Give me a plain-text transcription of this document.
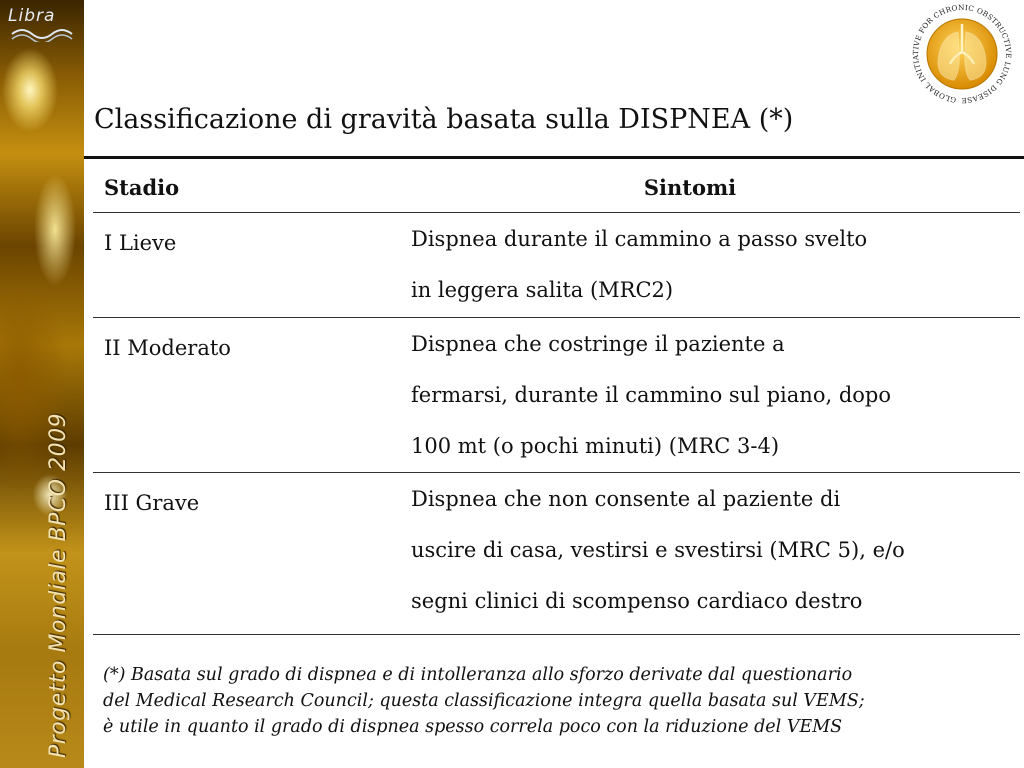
Libra
Progetto Mondiale BPCO 2009
GLOBAL INITIATIVE FOR CHRONIC OBSTRUCTIVE LUNG DISEASE
Classificazione di gravità basata sulla DISPNEA (*)
Stadio	Sintomi
I Lieve	Dispnea durante il cammino a passo svelto
in leggera salita (MRC2)

II Moderato	Dispnea che costringe il paziente a
fermarsi, durante il cammino sul piano, dopo
100 mt (o pochi minuti) (MRC 3-4)

III Grave	Dispnea che non consente al paziente di
uscire di casa, vestirsi e svestirsi (MRC 5), e/o
segni clinici di scompenso cardiaco destro
(*) Basata sul grado di dispnea e di intolleranza allo sforzo derivate dal questionario
del Medical Research Council; questa classificazione integra quella basata sul VEMS;
è utile in quanto il grado di dispnea spesso correla poco con la riduzione del VEMS
